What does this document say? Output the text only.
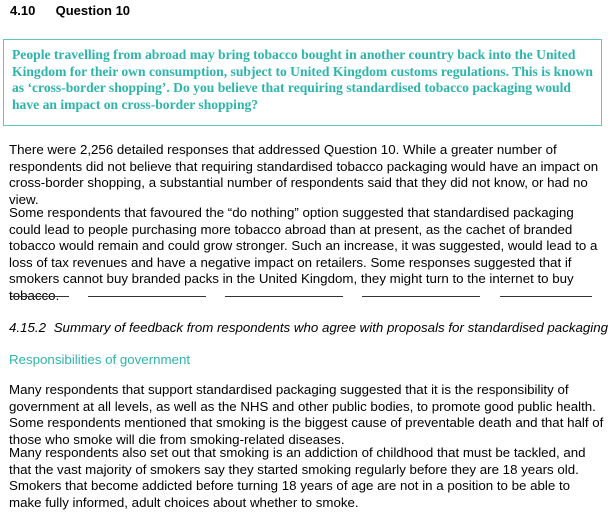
4.10 Question 10

People travelling from abroad may bring tobacco bought in another country back into the United Kingdom for their own consumption, subject to United Kingdom customs regulations. This is known as ‘cross-border shopping’. Do you believe that requiring standardised tobacco packaging would have an impact on cross-border shopping?

There were 2,256 detailed responses that addressed Question 10. While a greater number of respondents did not believe that requiring standardised tobacco packaging would have an impact on cross-border shopping, a substantial number of respondents said that they did not know, or had no view.

Some respondents that favoured the “do nothing” option suggested that standardised packaging could lead to people purchasing more tobacco abroad than at present, as the cachet of branded tobacco would remain and could grow stronger. Such an increase, it was suggested, would lead to a loss of tax revenues and have a negative impact on retailers. Some responses suggested that if smokers cannot buy branded packs in the United Kingdom, they might turn to the internet to buy tobacco.

4.15.2 Summary of feedback from respondents who agree with proposals for standardised packaging
Responsibilities of government

Many respondents that support standardised packaging suggested that it is the responsibility of government at all levels, as well as the NHS and other public bodies, to promote good public health. Some respondents mentioned that smoking is the biggest cause of preventable death and that half of those who smoke will die from smoking-related diseases.

Many respondents also set out that smoking is an addiction of childhood that must be tackled, and that the vast majority of smokers say they started smoking regularly before they are 18 years old. Smokers that become addicted before turning 18 years of age are not in a position to be able to make fully informed, adult choices about whether to smoke.
